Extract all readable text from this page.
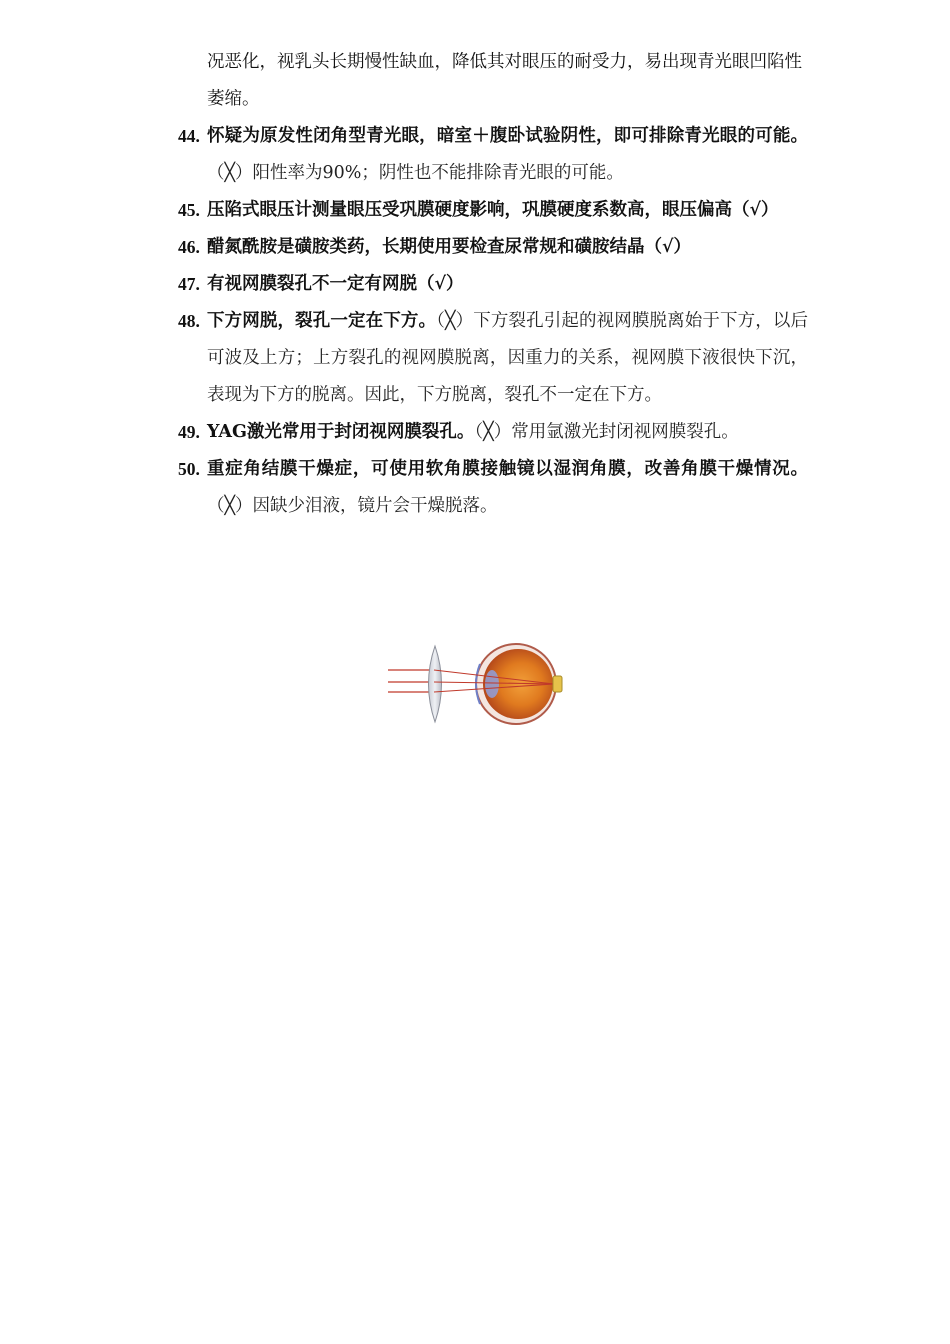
况恶化，视乳头长期慢性缺血，降低其对眼压的耐受力，易出现青光眼凹陷性萎缩。
44. 怀疑为原发性闭角型青光眼，暗室＋腹卧试验阴性，即可排除青光眼的可能。（╳）阳性率为90%；阴性也不能排除青光眼的可能。
45. 压陷式眼压计测量眼压受巩膜硬度影响，巩膜硬度系数高，眼压偏高（√）
46. 醋氮酰胺是磺胺类药，长期使用要检查尿常规和磺胺结晶（√）
47. 有视网膜裂孔不一定有网脱（√）
48. 下方网脱，裂孔一定在下方。（╳）下方裂孔引起的视网膜脱离始于下方，以后可波及上方；上方裂孔的视网膜脱离，因重力的关系，视网膜下液很快下沉，表现为下方的脱离。因此，下方脱离，裂孔不一定在下方。
49. YAG激光常用于封闭视网膜裂孔。（╳）常用氩激光封闭视网膜裂孔。
50. 重症角结膜干燥症，可使用软角膜接触镜以湿润角膜，改善角膜干燥情况。（╳）因缺少泪液，镜片会干燥脱落。
